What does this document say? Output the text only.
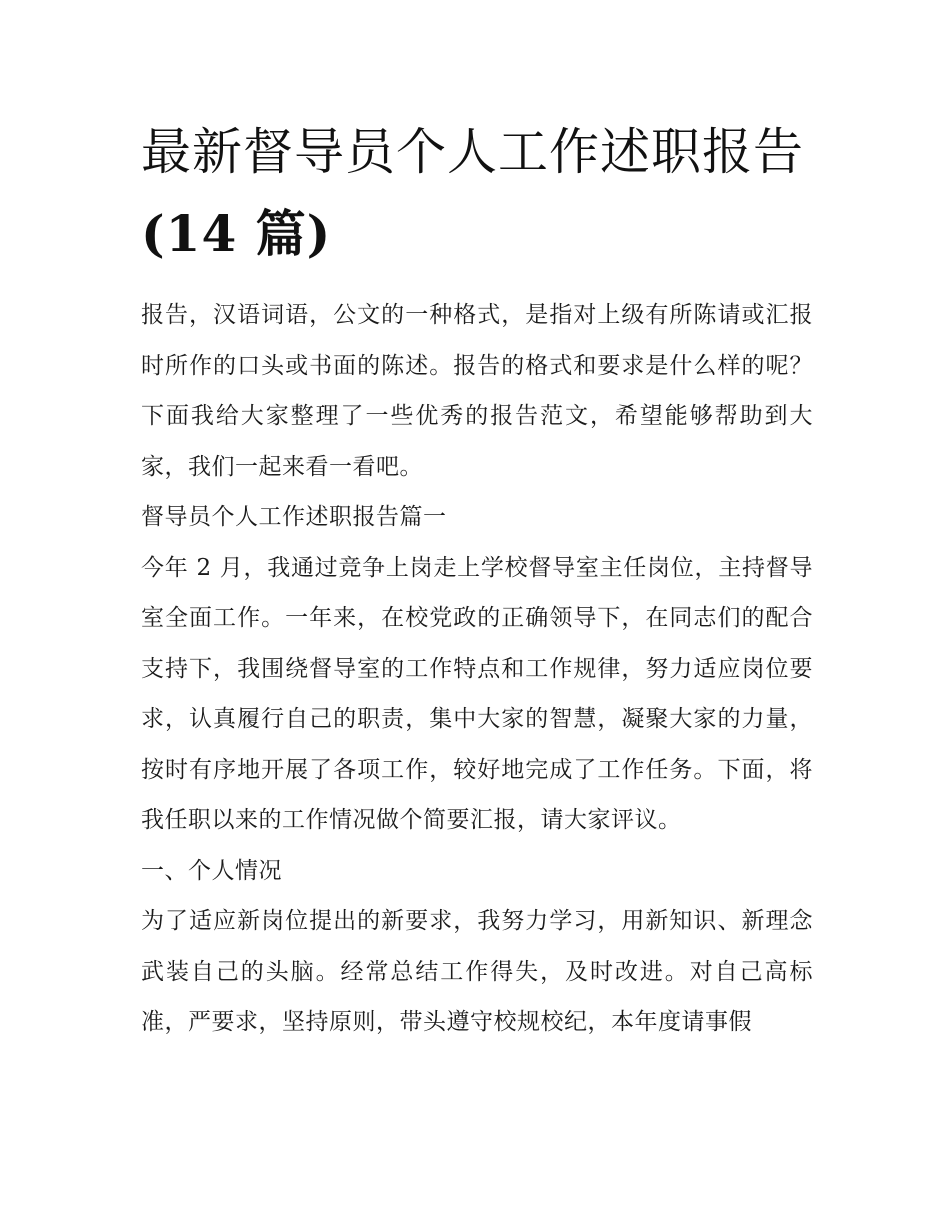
最新督导员个人工作述职报告
(14 篇)

报告，汉语词语，公文的一种格式，是指对上级有所陈请或汇报时所作的口头或书面的陈述。报告的格式和要求是什么样的呢？下面我给大家整理了一些优秀的报告范文，希望能够帮助到大家，我们一起来看一看吧。

督导员个人工作述职报告篇一

今年 2 月，我通过竞争上岗走上学校督导室主任岗位，主持督导室全面工作。一年来，在校党政的正确领导下，在同志们的配合支持下，我围绕督导室的工作特点和工作规律，努力适应岗位要求，认真履行自己的职责，集中大家的智慧，凝聚大家的力量，按时有序地开展了各项工作，较好地完成了工作任务。下面，将我任职以来的工作情况做个简要汇报，请大家评议。

一、个人情况

为了适应新岗位提出的新要求，我努力学习，用新知识、新理念武装自己的头脑。经常总结工作得失，及时改进。对自己高标准，严要求，坚持原则，带头遵守校规校纪，本年度请事假
